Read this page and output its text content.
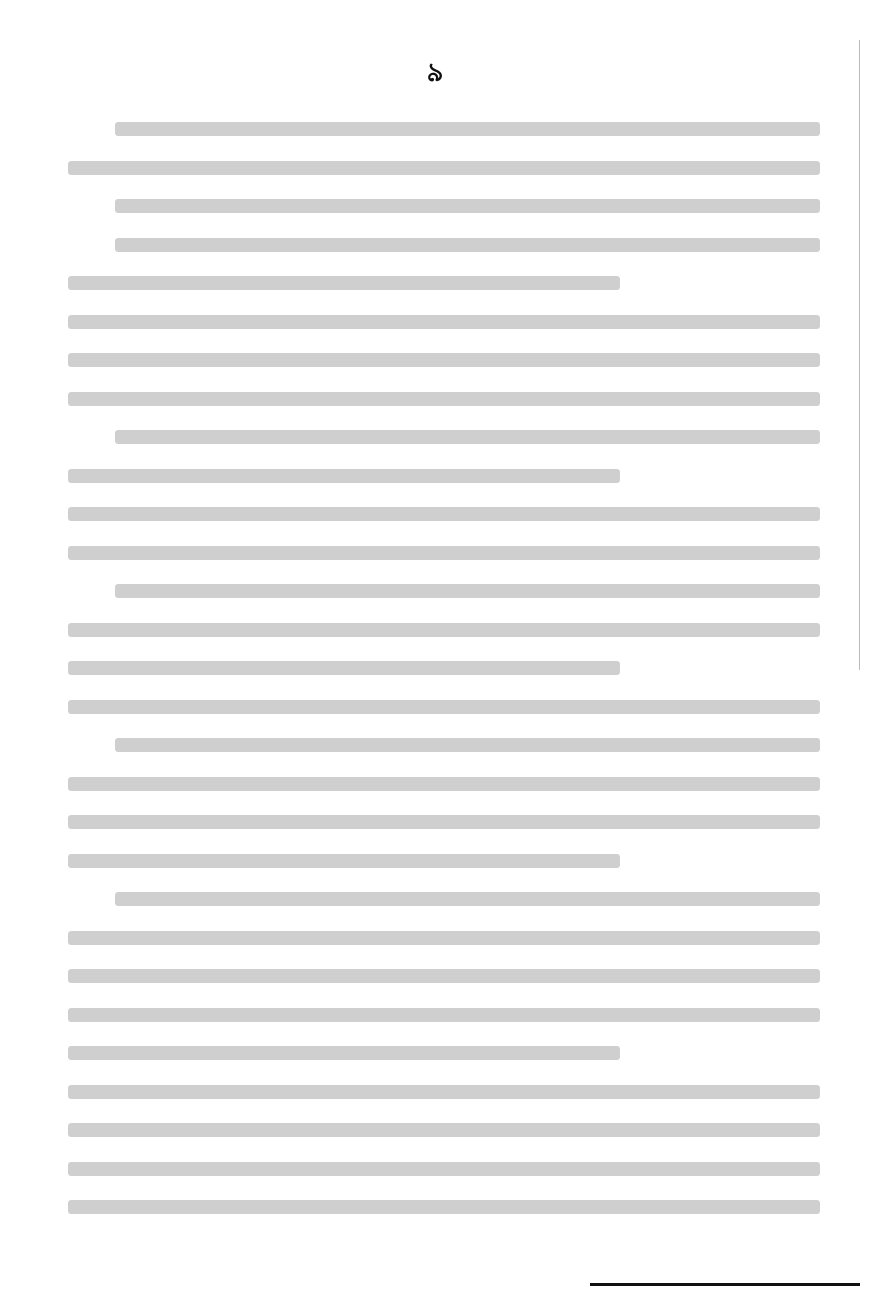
৯
